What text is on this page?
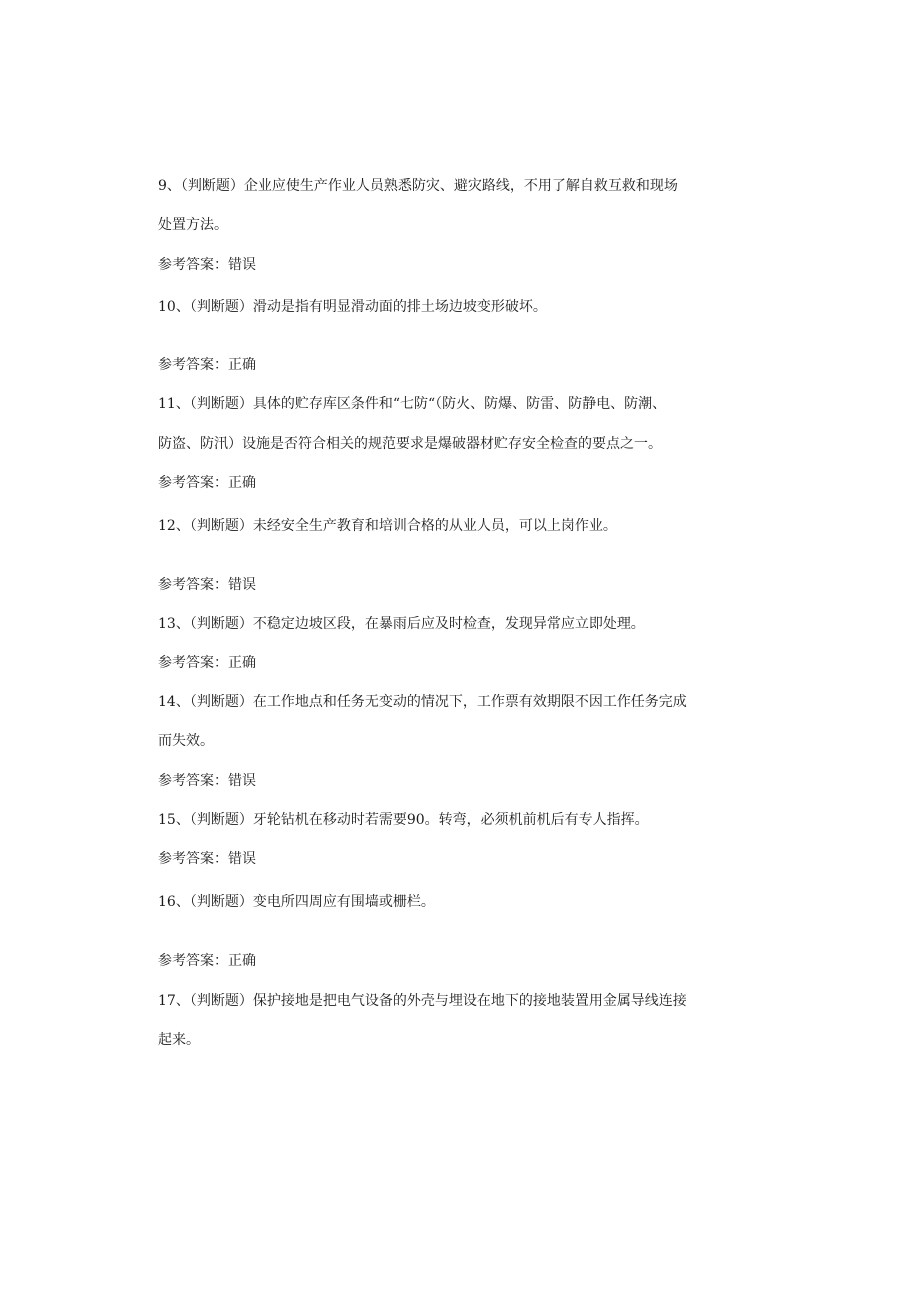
9、（判断题）企业应使生产作业人员熟悉防灾、避灾路线，不用了解自救互救和现场
处置方法。
参考答案：错误
10、（判断题）滑动是指有明显滑动面的排土场边坡变形破坏。
参考答案：正确
11、（判断题）具体的贮存库区条件和“七防“（防火、防爆、防雷、防静电、防潮、
防盗、防汛）设施是否符合相关的规范要求是爆破器材贮存安全检查的要点之一。
参考答案：正确
12、（判断题）未经安全生产教育和培训合格的从业人员，可以上岗作业。
参考答案：错误
13、（判断题）不稳定边坡区段，在暴雨后应及时检查，发现异常应立即处理。
参考答案：正确
14、（判断题）在工作地点和任务无变动的情况下，工作票有效期限不因工作任务完成
而失效。
参考答案：错误
15、（判断题）牙轮钻机在移动时若需要90。转弯，必须机前机后有专人指挥。
参考答案：错误
16、（判断题）变电所四周应有围墙或栅栏。
参考答案：正确
17、（判断题）保护接地是把电气设备的外壳与埋设在地下的接地装置用金属导线连接
起来。
